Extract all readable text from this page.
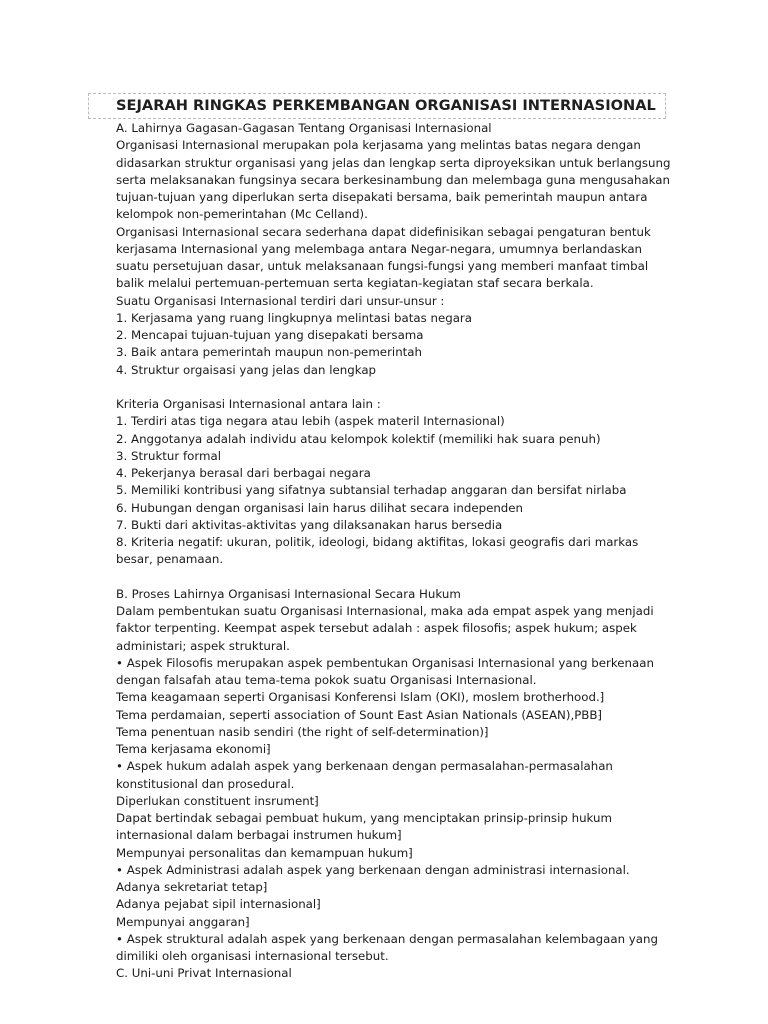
SEJARAH RINGKAS PERKEMBANGAN ORGANISASI INTERNASIONAL
A. Lahirnya Gagasan-Gagasan Tentang Organisasi Internasional
Organisasi Internasional merupakan pola kerjasama yang melintas batas negara dengan
didasarkan struktur organisasi yang jelas dan lengkap serta diproyeksikan untuk berlangsung
serta melaksanakan fungsinya secara berkesinambung dan melembaga guna mengusahakan
tujuan-tujuan yang diperlukan serta disepakati bersama, baik pemerintah maupun antara
kelompok non-pemerintahan (Mc Celland).
Organisasi Internasional secara sederhana dapat didefinisikan sebagai pengaturan bentuk
kerjasama Internasional yang melembaga antara Negar-negara, umumnya berlandaskan
suatu persetujuan dasar, untuk melaksanaan fungsi-fungsi yang memberi manfaat timbal
balik melalui pertemuan-pertemuan serta kegiatan-kegiatan staf secara berkala.
Suatu Organisasi Internasional terdiri dari unsur-unsur :
1. Kerjasama yang ruang lingkupnya melintasi batas negara
2. Mencapai tujuan-tujuan yang disepakati bersama
3. Baik antara pemerintah maupun non-pemerintah
4. Struktur orgaisasi yang jelas dan lengkap
Kriteria Organisasi Internasional antara lain :
1. Terdiri atas tiga negara atau lebih (aspek materil Internasional)
2. Anggotanya adalah individu atau kelompok kolektif (memiliki hak suara penuh)
3. Struktur formal
4. Pekerjanya berasal dari berbagai negara
5. Memiliki kontribusi yang sifatnya subtansial terhadap anggaran dan bersifat nirlaba
6. Hubungan dengan organisasi lain harus dilihat secara independen
7. Bukti dari aktivitas-aktivitas yang dilaksanakan harus bersedia
8. Kriteria negatif: ukuran, politik, ideologi, bidang aktifitas, lokasi geografis dari markas
besar, penamaan.
B. Proses Lahirnya Organisasi Internasional Secara Hukum
Dalam pembentukan suatu Organisasi Internasional, maka ada empat aspek yang menjadi
faktor terpenting. Keempat aspek tersebut adalah : aspek filosofis; aspek hukum; aspek
administari; aspek struktural.
• Aspek Filosofis merupakan aspek pembentukan Organisasi Internasional yang berkenaan
dengan falsafah atau tema-tema pokok suatu Organisasi Internasional.
Tema keagamaan seperti Organisasi Konferensi Islam (OKI), moslem brotherhood.⁆
Tema perdamaian, seperti association of Sount East Asian Nationals (ASEAN),PBB⁆
Tema penentuan nasib sendiri (the right of self-determination)⁆
Tema kerjasama ekonomi⁆
• Aspek hukum adalah aspek yang berkenaan dengan permasalahan-permasalahan
konstitusional dan prosedural.
Diperlukan constituent insrument⁆
Dapat bertindak sebagai pembuat hukum, yang menciptakan prinsip-prinsip hukum
internasional dalam berbagai instrumen hukum⁆
Mempunyai personalitas dan kemampuan hukum⁆
• Aspek Administrasi adalah aspek yang berkenaan dengan administrasi internasional.
Adanya sekretariat tetap⁆
Adanya pejabat sipil internasional⁆
Mempunyai anggaran⁆
• Aspek struktural adalah aspek yang berkenaan dengan permasalahan kelembagaan yang
dimiliki oleh organisasi internasional tersebut.
C. Uni-uni Privat Internasional
